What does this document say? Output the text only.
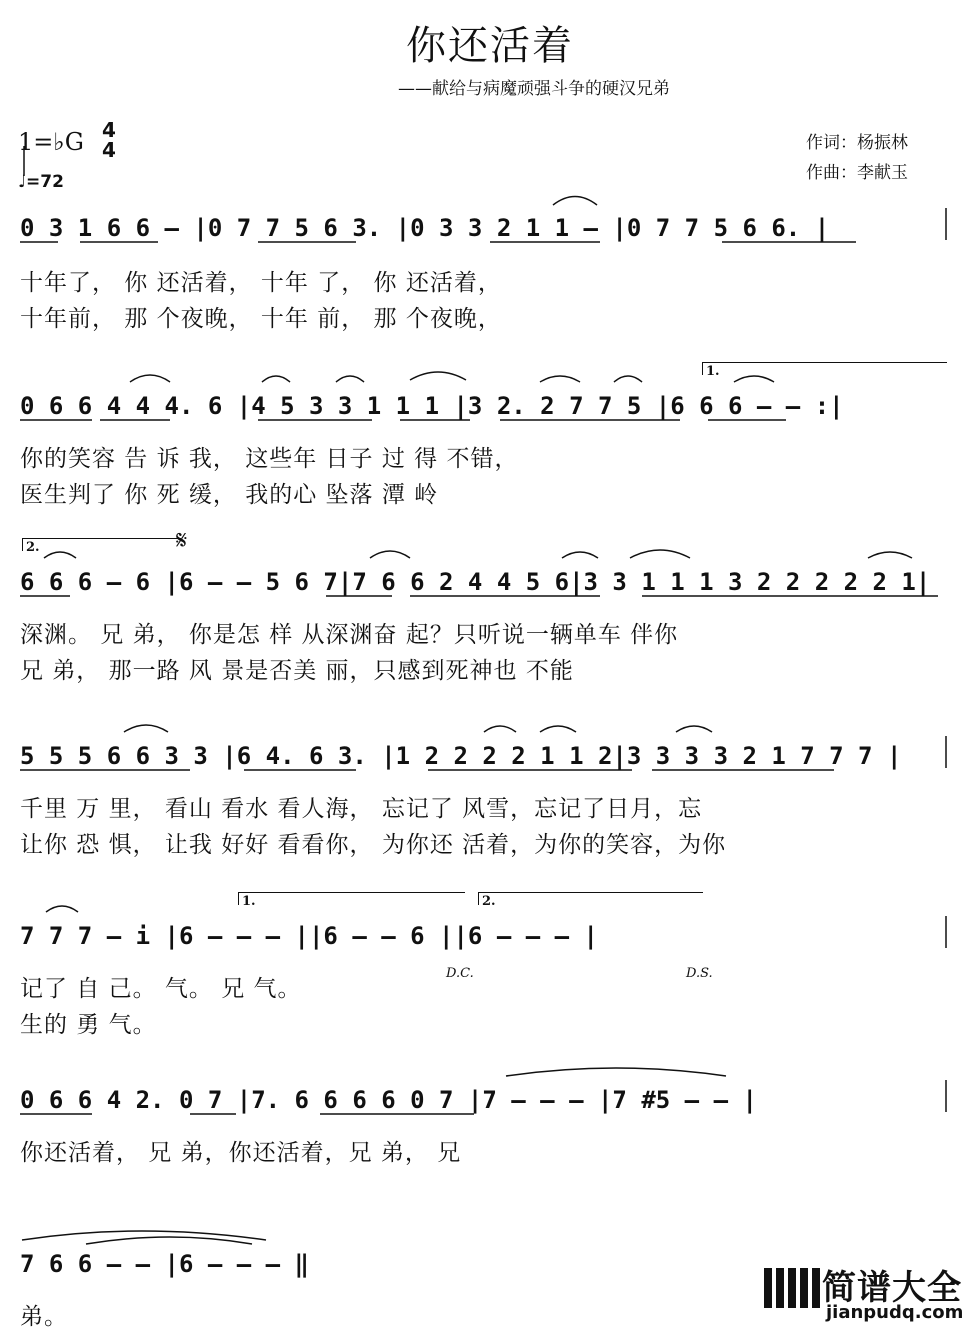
你还活着
——献给与病魔顽强斗争的硬汉兄弟
1=♭G 4
4
♩=72
作词：杨振林
作曲：李献玉
0 3 1 6 6 – |0 7 7 5 6 3. |0 3 3 2 1 1 – |0 7 7 5 6 6. |
十年了， 你 还活着， 十年 了， 你 还活着，
十年前， 那 个夜晚， 十年 前， 那 个夜晚，
1.
0 6 6 4 4 4. 6 |4 5 3 3 1 1 1 |3 2. 2 7 7 5 |6 6 6 – – :|
你的笑容 告 诉 我， 这些年 日子 过 得 不错，
医生判了 你 死 缓， 我的心 坠落 潭 岭
2.	𝄋
6 6 6 – 6 |6 – – 5 6 7|7 6 6 2 4 4 5 6|3 3 1 1 1 3 2 2 2 2 2 1|
深渊。 兄 弟， 你是怎 样 从深渊奋 起？只听说一辆单车 伴你
兄 弟， 那一路 风 景是否美 丽，只感到死神也 不能
5 5 5 6 6 3 3 |6 4. 6 3. |1 2 2 2 2 1 1 2|3 3 3 3 2 1 7 7 7 |
千里 万 里， 看山 看水 看人海， 忘记了 风雪，忘记了日月，忘
让你 恐 惧， 让我 好好 看看你， 为你还 活着，为你的笑容，为你
1.	2.
D.C.	D.S.
7 7 7 – i |6 – – – ||6 – – 6 ||6 – – – |
记了 自 己。 气。 兄 气。
生的 勇 气。
0 6 6 4 2. 0 7 |7. 6 6 6 6 0 7 |7 – – – |7 #5 – – |
你还活着， 兄 弟，你还活着，兄 弟， 兄
7 6 6 – – |6 – – – ‖
弟。
简谱大全
jianpudq.com
